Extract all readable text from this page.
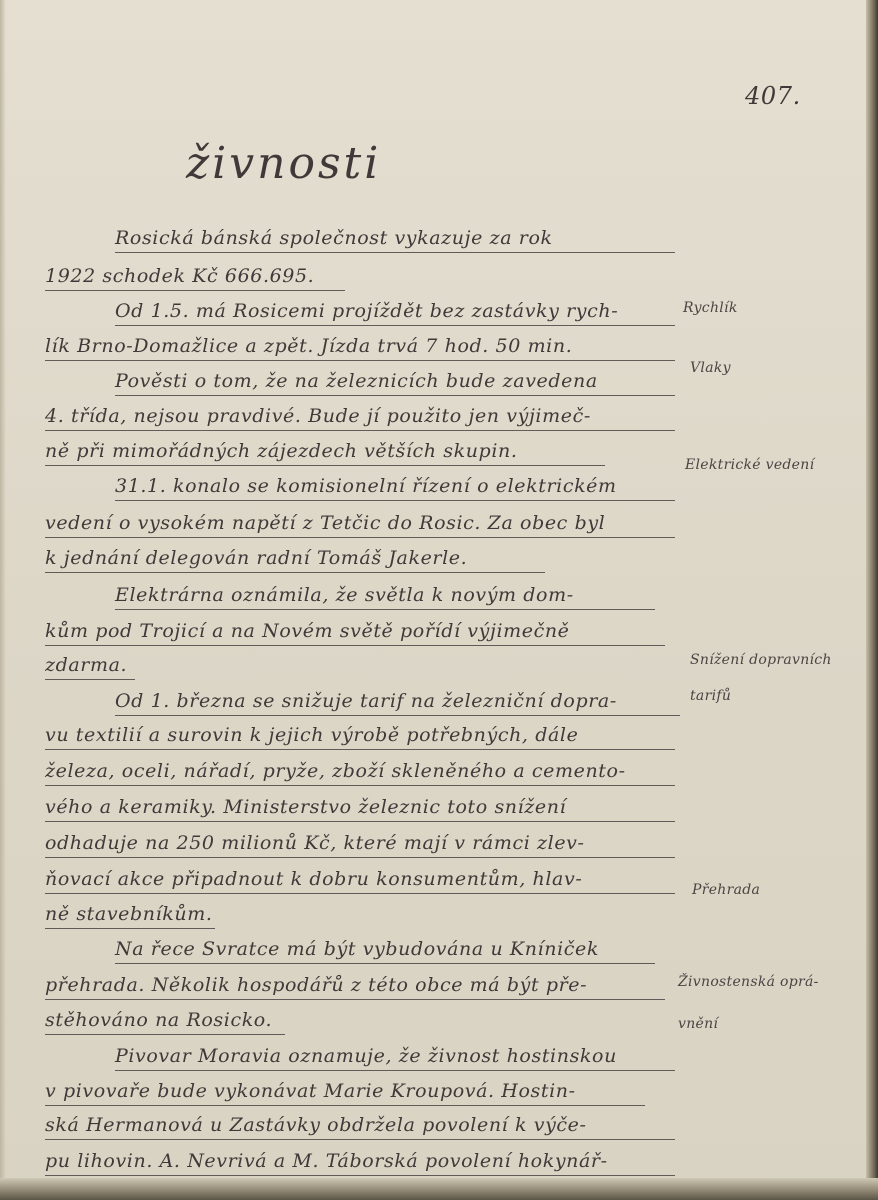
407.
živnosti
Rosická bánská společnost vykazuje za rok
1922 schodek Kč 666.695.
Od 1.5. má Rosicemi projíždět bez zastávky rych-
lík Brno-Domažlice a zpět. Jízda trvá 7 hod. 50 min.
Pověsti o tom, že na železnicích bude zavedena
4. třída, nejsou pravdivé. Bude jí použito jen výjimeč-
ně při mimořádných zájezdech větších skupin.
31.1. konalo se komisionelní řízení o elektrickém
vedení o vysokém napětí z Tetčic do Rosic. Za obec byl
k jednání delegován radní Tomáš Jakerle.
Elektrárna oznámila, že světla k novým dom-
kům pod Trojicí a na Novém světě pořídí výjimečně
zdarma.
Od 1. března se snižuje tarif na železniční dopra-
vu textilií a surovin k jejich výrobě potřebných, dále
železa, oceli, nářadí, pryže, zboží skleněného a cemento-
vého a keramiky. Ministerstvo železnic toto snížení
odhaduje na 250 milionů Kč, které mají v rámci zlev-
ňovací akce připadnout k dobru konsumentům, hlav-
ně stavebníkům.
Na řece Svratce má být vybudována u Kníniček
přehrada. Několik hospodářů z této obce má být pře-
stěhováno na Rosicko.
Pivovar Moravia oznamuje, že živnost hostinskou
v pivovaře bude vykonávat Marie Kroupová. Hostin-
ská Hermanová u Zastávky obdržela povolení k výče-
pu lihovin. A. Nevrivá a M. Táborská povolení hokynář-
Rychlík
Vlaky
Elektrické vedení
Snížení dopravních
tarifů
Přehrada
Živnostenská oprá-
vnění
